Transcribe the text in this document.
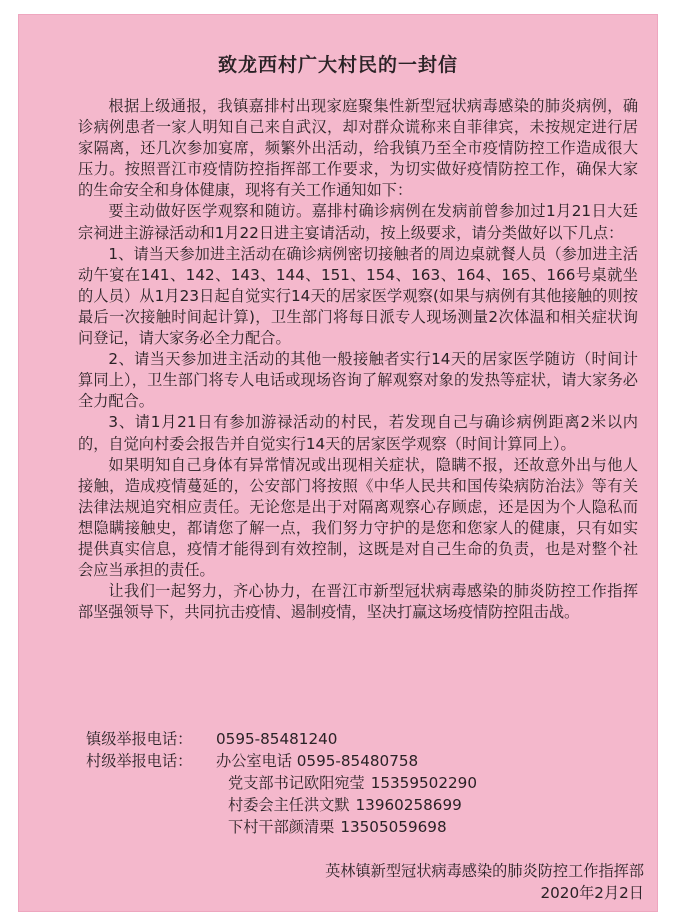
致龙西村广大村民的一封信

根据上级通报，我镇嘉排村出现家庭聚集性新型冠状病毒感染的肺炎病例，确诊病例患者一家人明知自己来自武汉，却对群众谎称来自菲律宾，未按规定进行居家隔离，还几次参加宴席，频繁外出活动，给我镇乃至全市疫情防控工作造成很大压力。按照晋江市疫情防控指挥部工作要求，为切实做好疫情防控工作，确保大家的生命安全和身体健康，现将有关工作通知如下：

要主动做好医学观察和随访。嘉排村确诊病例在发病前曾参加过1月21日大廷宗祠进主游禄活动和1月22日进主宴请活动，按上级要求，请分类做好以下几点：

1、请当天参加进主活动在确诊病例密切接触者的周边桌就餐人员（参加进主活动午宴在141、142、143、144、151、154、163、164、165、166号桌就坐的人员）从1月23日起自觉实行14天的居家医学观察(如果与病例有其他接触的则按最后一次接触时间起计算)，卫生部门将每日派专人现场测量2次体温和相关症状询问登记，请大家务必全力配合。

2、请当天参加进主活动的其他一般接触者实行14天的居家医学随访（时间计算同上），卫生部门将专人电话或现场咨询了解观察对象的发热等症状，请大家务必全力配合。

3、请1月21日有参加游禄活动的村民，若发现自己与确诊病例距离2米以内的，自觉向村委会报告并自觉实行14天的居家医学观察（时间计算同上）。

如果明知自己身体有异常情况或出现相关症状，隐瞒不报，还故意外出与他人接触，造成疫情蔓延的，公安部门将按照《中华人民共和国传染病防治法》等有关法律法规追究相应责任。无论您是出于对隔离观察心存顾虑，还是因为个人隐私而想隐瞒接触史，都请您了解一点，我们努力守护的是您和您家人的健康，只有如实提供真实信息，疫情才能得到有效控制，这既是对自己生命的负责，也是对整个社会应当承担的责任。

让我们一起努力，齐心协力，在晋江市新型冠状病毒感染的肺炎防控工作指挥部坚强领导下，共同抗击疫情、遏制疫情，坚决打赢这场疫情防控阻击战。

镇级举报电话：	0595-85481240
村级举报电话：	办公室电话 0595-85480758
党支部书记欧阳宛莹 15359502290
村委会主任洪文默 13960258699
下村干部颜清栗 13505059698
英林镇新型冠状病毒感染的肺炎防控工作指挥部
2020年2月2日
